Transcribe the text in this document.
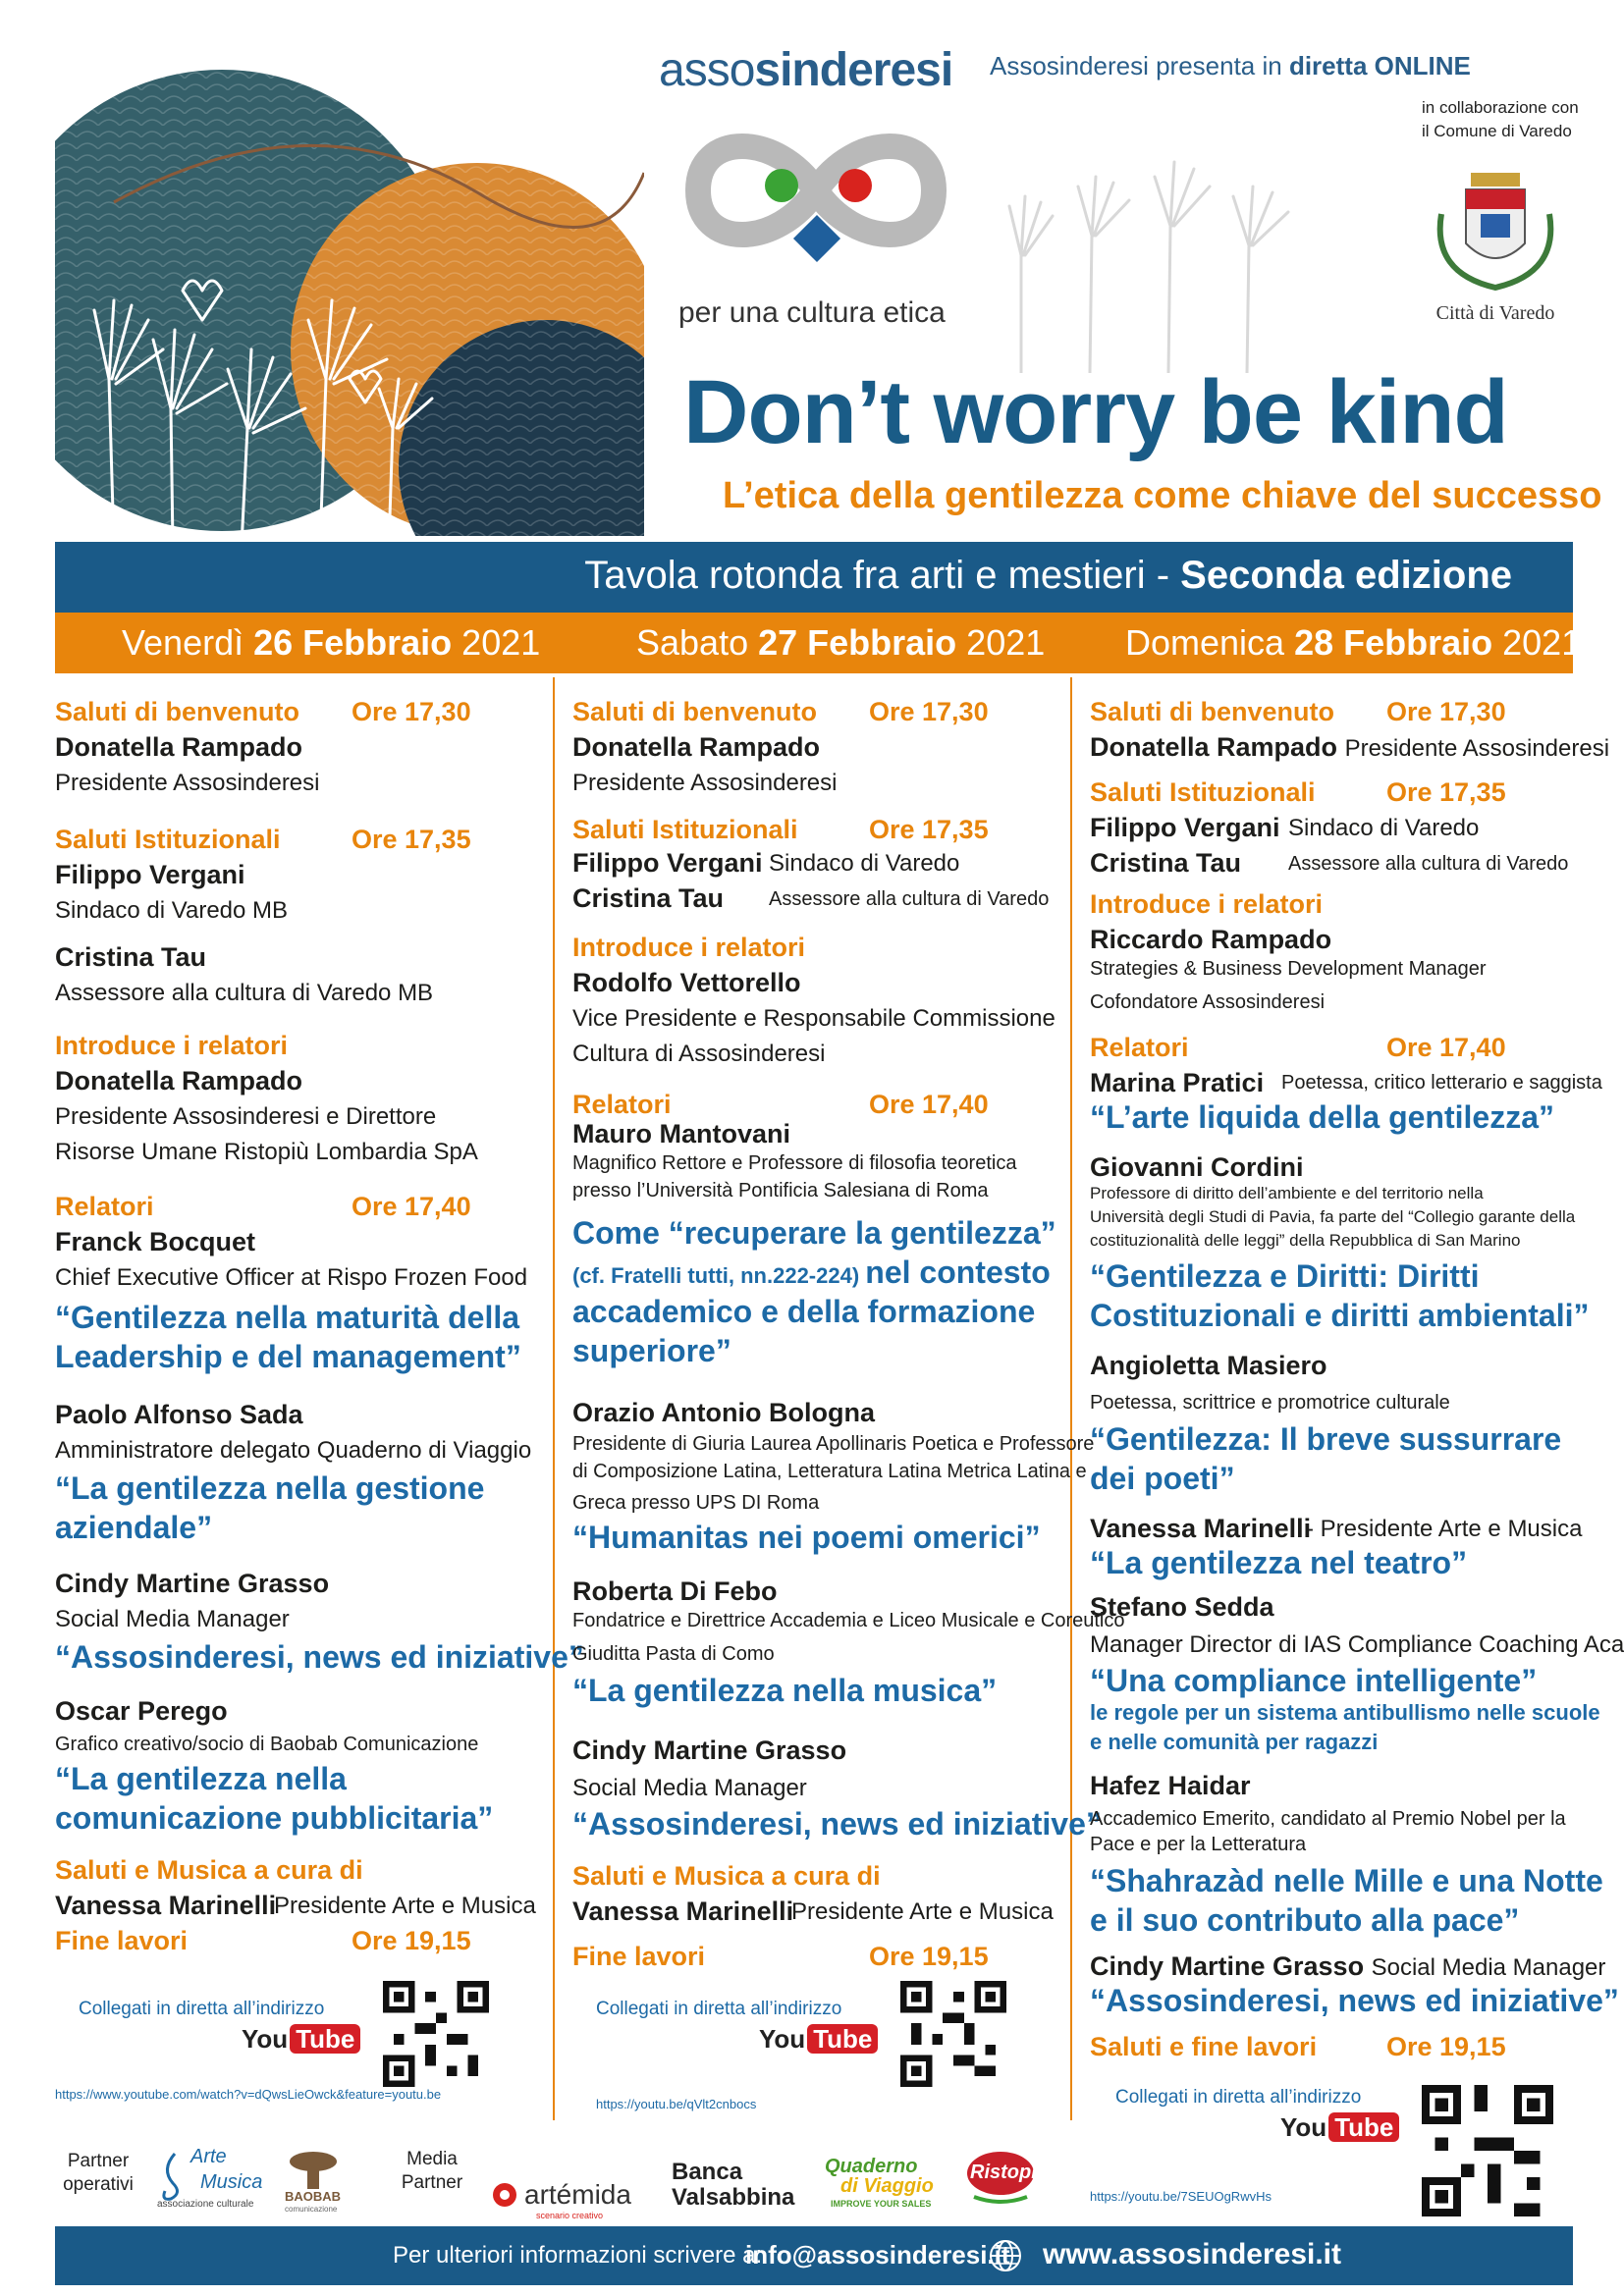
assosinderesi
per una cultura etica
Assosinderesi presenta in diretta ONLINE
in collaborazione con
il Comune di Varedo
Città di Varedo
Don’t worry be kind
L’etica della gentilezza come chiave del successo
Tavola rotonda fra arti e mestieri - Seconda edizione
Venerdì 26 Febbraio 2021	Sabato 27 Febbraio 2021 Domenica 28 Febbraio 2021
Saluti di benvenuto Ore 17,30
Donatella Rampado
Presidente Assosinderesi
Saluti Istituzionali	Ore 17,35
Filippo Vergani
Sindaco di Varedo MB
Cristina Tau
Assessore alla cultura di Varedo MB
Introduce i relatori
Donatella Rampado
Presidente Assosinderesi e Direttore
Risorse Umane Ristopiù Lombardia SpA
Relatori	Ore 17,40
Franck Bocquet
Chief Executive Officer at Rispo Frozen Food
“Gentilezza nella maturità della
Leadership e del management”
Paolo Alfonso Sada
Amministratore delegato Quaderno di Viaggio
“La gentilezza nella gestione
aziendale”
Cindy Martine Grasso
Social Media Manager
“Assosinderesi, news ed iniziative”
Oscar Perego
Grafico creativo/socio di Baobab Comunicazione
“La gentilezza nella
comunicazione pubblicitaria”
Saluti e Musica a cura di
Vanessa Marinelli
Presidente Arte e Musica
Fine lavori	Ore 19,15
Collegati in diretta all’indirizzo
You Tube
https://www.youtube.com/watch?v=dQwsLieOwck&feature=youtu.be
Saluti di benvenuto Ore 17,30
Donatella Rampado
Presidente Assosinderesi
Saluti Istituzionali	Ore 17,35
Filippo Vergani Sindaco di Varedo
Cristina Tau Assessore alla cultura di Varedo
Introduce i relatori
Rodolfo Vettorello
Vice Presidente e Responsabile Commissione
Cultura di Assosinderesi
Relatori	Ore 17,40
Mauro Mantovani
Magnifico Rettore e Professore di filosofia teoretica
presso l’Università Pontificia Salesiana di Roma
Come “recuperare la gentilezza”
(cf. Fratelli tutti, nn.222-224) nel contesto
accademico e della formazione
superiore”
Orazio Antonio Bologna
Presidente di Giuria Laurea Apollinaris Poetica e Professore
di Composizione Latina, Letteratura Latina Metrica Latina e
Greca presso UPS DI Roma
“Humanitas nei poemi omerici”
Roberta Di Febo
Fondatrice e Direttrice Accademia e Liceo Musicale e Coreutico
Giuditta Pasta di Como
“La gentilezza nella musica”
Cindy Martine Grasso
Social Media Manager
“Assosinderesi, news ed iniziative”
Saluti e Musica a cura di
Vanessa Marinelli
Presidente Arte e Musica
Fine lavori	Ore 19,15
Collegati in diretta all’indirizzo
You Tube
https://youtu.be/qVlt2cnbocs
Saluti di benvenuto Ore 17,30
Donatella Rampado Presidente Assosinderesi
Saluti Istituzionali	Ore 17,35
Filippo Vergani Sindaco di Varedo
Cristina Tau Assessore alla cultura di Varedo
Introduce i relatori
Riccardo Rampado
Strategies & Business Development Manager
Cofondatore Assosinderesi
Relatori	Ore 17,40
Marina Pratici Poetessa, critico letterario e saggista
“L’arte liquida della gentilezza”
Giovanni Cordini
Professore di diritto dell’ambiente e del territorio nella
Università degli Studi di Pavia, fa parte del “Collegio garante della
costituzionalità delle leggi” della Repubblica di San Marino
“Gentilezza e Diritti: Diritti
Costituzionali e diritti ambientali”
Angioletta Masiero
Poetessa, scrittrice e promotrice culturale
“Gentilezza: Il breve sussurrare
dei poeti”
Vanessa Marinelli
- Presidente Arte e Musica
“La gentilezza nel teatro”
Stefano Sedda
Manager Director di IAS Compliance Coaching Aca
“Una compliance intelligente”
le regole per un sistema antibullismo nelle scuole
e nelle comunità per ragazzi
Hafez Haidar
Accademico Emerito, candidato al Premio Nobel per la
Pace e per la Letteratura
“Shahrazàd nelle Mille e una Notte
e il suo contributo alla pace”
Cindy Martine Grasso Social Media Manager
“Assosinderesi, news ed iniziative”
Saluti e fine lavori	Ore 19,15
Collegati in diretta all’indirizzo
You Tube
https://youtu.be/7SEUOgRwvHs
Partner
operativi
Arte
Musica
associazione culturale
BAOBAB
comunicazione
Media
Partner	artémida
scenario creativo
Banca
Valsabbina
Quaderno
di Viaggio
IMPROVE YOUR SALES
Ristopiù
Per ulteriori informazioni scrivere a:
info@assosinderesi.it www.assosinderesi.it
